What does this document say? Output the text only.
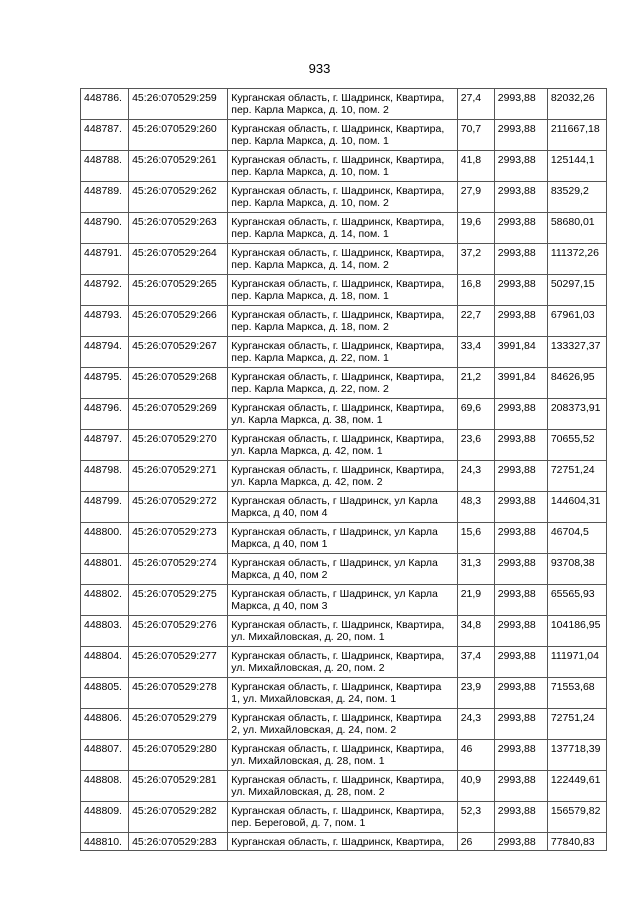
933
448786.	45:26:070529:259	Курганская область, г. Шадринск, Квартира,
пер. Карла Маркса, д. 10, пом. 2	27,4	2993,88	82032,26
448787.	45:26:070529:260	Курганская область, г. Шадринск, Квартира,
пер. Карла Маркса, д. 10, пом. 1	70,7	2993,88	211667,18
448788.	45:26:070529:261	Курганская область, г. Шадринск, Квартира,
пер. Карла Маркса, д. 10, пом. 1	41,8	2993,88	125144,1
448789.	45:26:070529:262	Курганская область, г. Шадринск, Квартира,
пер. Карла Маркса, д. 10, пом. 2	27,9	2993,88	83529,2
448790.	45:26:070529:263	Курганская область, г. Шадринск, Квартира,
пер. Карла Маркса, д. 14, пом. 1	19,6	2993,88	58680,01
448791.	45:26:070529:264	Курганская область, г. Шадринск, Квартира,
пер. Карла Маркса, д. 14, пом. 2	37,2	2993,88	111372,26
448792.	45:26:070529:265	Курганская область, г. Шадринск, Квартира,
пер. Карла Маркса, д. 18, пом. 1	16,8	2993,88	50297,15
448793.	45:26:070529:266	Курганская область, г. Шадринск, Квартира,
пер. Карла Маркса, д. 18, пом. 2	22,7	2993,88	67961,03
448794.	45:26:070529:267	Курганская область, г. Шадринск, Квартира,
пер. Карла Маркса, д. 22, пом. 1	33,4	3991,84	133327,37
448795.	45:26:070529:268	Курганская область, г. Шадринск, Квартира,
пер. Карла Маркса, д. 22, пом. 2	21,2	3991,84	84626,95
448796.	45:26:070529:269	Курганская область, г. Шадринск, Квартира,
ул. Карла Маркса, д. 38, пом. 1	69,6	2993,88	208373,91
448797.	45:26:070529:270	Курганская область, г. Шадринск, Квартира,
ул. Карла Маркса, д. 42, пом. 1	23,6	2993,88	70655,52
448798.	45:26:070529:271	Курганская область, г. Шадринск, Квартира,
ул. Карла Маркса, д. 42, пом. 2	24,3	2993,88	72751,24
448799.	45:26:070529:272	Курганская область, г Шадринск, ул Карла
Маркса, д 40, пом 4	48,3	2993,88	144604,31
448800.	45:26:070529:273	Курганская область, г Шадринск, ул Карла
Маркса, д 40, пом 1	15,6	2993,88	46704,5
448801.	45:26:070529:274	Курганская область, г Шадринск, ул Карла
Маркса, д 40, пом 2	31,3	2993,88	93708,38
448802.	45:26:070529:275	Курганская область, г Шадринск, ул Карла
Маркса, д 40, пом 3	21,9	2993,88	65565,93
448803.	45:26:070529:276	Курганская область, г. Шадринск, Квартира,
ул. Михайловская, д. 20, пом. 1	34,8	2993,88	104186,95
448804.	45:26:070529:277	Курганская область, г. Шадринск, Квартира,
ул. Михайловская, д. 20, пом. 2	37,4	2993,88	111971,04
448805.	45:26:070529:278	Курганская область, г. Шадринск, Квартира
1, ул. Михайловская, д. 24, пом. 1	23,9	2993,88	71553,68
448806.	45:26:070529:279	Курганская область, г. Шадринск, Квартира
2, ул. Михайловская, д. 24, пом. 2	24,3	2993,88	72751,24
448807.	45:26:070529:280	Курганская область, г. Шадринск, Квартира,
ул. Михайловская, д. 28, пом. 1	46	2993,88	137718,39
448808.	45:26:070529:281	Курганская область, г. Шадринск, Квартира,
ул. Михайловская, д. 28, пом. 2	40,9	2993,88	122449,61
448809.	45:26:070529:282	Курганская область, г. Шадринск, Квартира,
пер. Береговой, д. 7, пом. 1	52,3	2993,88	156579,82
448810.	45:26:070529:283	Курганская область, г. Шадринск, Квартира,	26	2993,88	77840,83
